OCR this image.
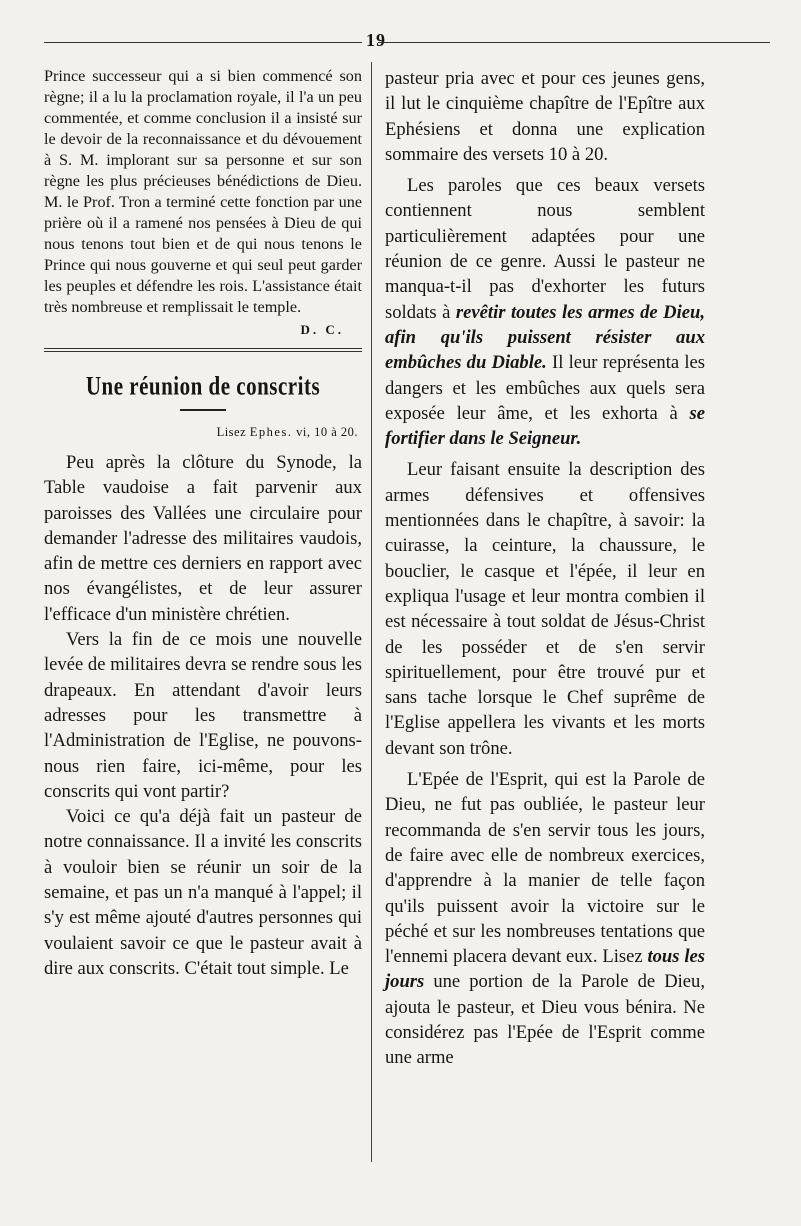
19

Prince successeur qui a si bien commencé son règne; il a lu la proclamation royale, il l'a un peu commentée, et comme conclusion il a insisté sur le devoir de la reconnaissance et du dévouement à S. M. implorant sur sa personne et sur son règne les plus précieuses bénédictions de Dieu. M. le Prof. Tron a terminé cette fonction par une prière où il a ramené nos pensées à Dieu de qui nous tenons tout bien et de qui nous tenons le Prince qui nous gouverne et qui seul peut garder les peuples et défendre les rois. L'assistance était très nombreuse et remplissait le temple.

D. C.
Une réunion de conscrits
Lisez Ephes. vi, 10 à 20.

Peu après la clôture du Synode, la Table vaudoise a fait parvenir aux paroisses des Vallées une circulaire pour demander l'adresse des militaires vaudois, afin de mettre ces derniers en rapport avec nos évangélistes, et de leur assurer l'efficace d'un ministère chrétien.

Vers la fin de ce mois une nouvelle levée de militaires devra se rendre sous les drapeaux. En attendant d'avoir leurs adresses pour les transmettre à l'Administration de l'Eglise, ne pouvons-nous rien faire, ici-même, pour les conscrits qui vont partir?

Voici ce qu'a déjà fait un pasteur de notre connaissance. Il a invité les conscrits à vouloir bien se réunir un soir de la semaine, et pas un n'a manqué à l'appel; il s'y est même ajouté d'autres personnes qui voulaient savoir ce que le pasteur avait à dire aux conscrits. C'était tout simple. Le

pasteur pria avec et pour ces jeunes gens, il lut le cinquième chapître de l'Epître aux Ephésiens et donna une explication sommaire des versets 10 à 20.

Les paroles que ces beaux versets contiennent nous semblent particulièrement adaptées pour une réunion de ce genre. Aussi le pasteur ne manqua-t-il pas d'exhorter les futurs soldats à revêtir toutes les armes de Dieu, afin qu'ils puissent résister aux embûches du Diable. Il leur représenta les dangers et les embûches aux quels sera exposée leur âme, et les exhorta à se fortifier dans le Seigneur.

Leur faisant ensuite la description des armes défensives et offensives mentionnées dans le chapître, à savoir: la cuirasse, la ceinture, la chaussure, le bouclier, le casque et l'épée, il leur en expliqua l'usage et leur montra combien il est nécessaire à tout soldat de Jésus-Christ de les posséder et de s'en servir spirituellement, pour être trouvé pur et sans tache lorsque le Chef suprême de l'Eglise appellera les vivants et les morts devant son trône.

L'Epée de l'Esprit, qui est la Parole de Dieu, ne fut pas oubliée, le pasteur leur recommanda de s'en servir tous les jours, de faire avec elle de nombreux exercices, d'apprendre à la manier de telle façon qu'ils puissent avoir la victoire sur le péché et sur les nombreuses tentations que l'ennemi placera devant eux. Lisez tous les jours une portion de la Parole de Dieu, ajouta le pasteur, et Dieu vous bénira. Ne considérez pas l'Epée de l'Esprit comme une arme
